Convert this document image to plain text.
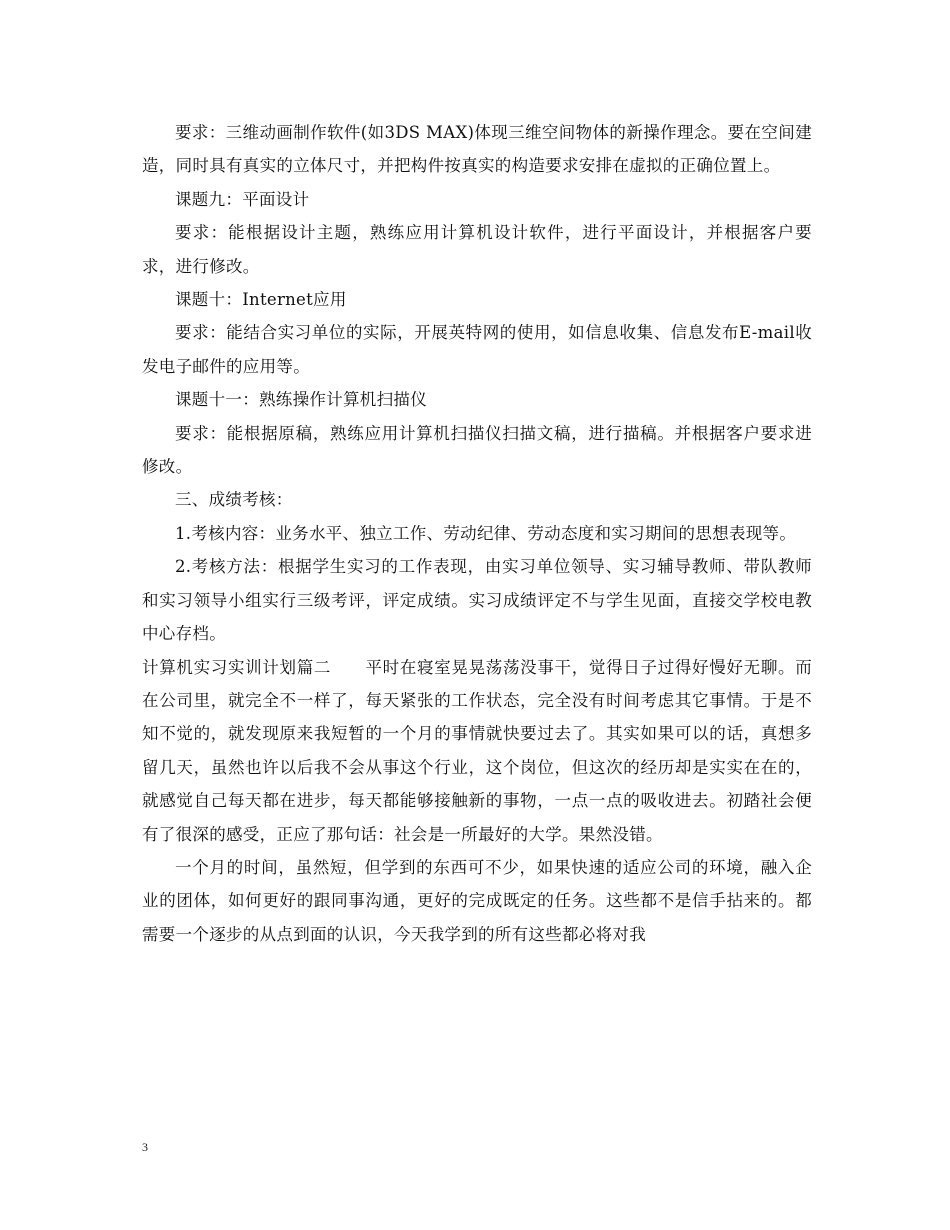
要求：三维动画制作软件(如3DS MAX)体现三维空间物体的新操作理念。要在空间建造，同时具有真实的立体尺寸，并把构件按真实的构造要求安排在虚拟的正确位置上。

课题九：平面设计

要求：能根据设计主题，熟练应用计算机设计软件，进行平面设计，并根据客户要求，进行修改。

课题十：Internet应用

要求：能结合实习单位的实际，开展英特网的使用，如信息收集、信息发布E-mail收发电子邮件的应用等。

课题十一：熟练操作计算机扫描仪

要求：能根据原稿，熟练应用计算机扫描仪扫描文稿，进行描稿。并根据客户要求进修改。

三、成绩考核：

1.考核内容：业务水平、独立工作、劳动纪律、劳动态度和实习期间的思想表现等。

2.考核方法：根据学生实习的工作表现，由实习单位领导、实习辅导教师、带队教师和实习领导小组实行三级考评，评定成绩。实习成绩评定不与学生见面，直接交学校电教中心存档。

计算机实习实训计划篇二　　平时在寝室晃晃荡荡没事干，觉得日子过得好慢好无聊。而在公司里，就完全不一样了，每天紧张的工作状态，完全没有时间考虑其它事情。于是不知不觉的，就发现原来我短暂的一个月的事情就快要过去了。其实如果可以的话，真想多留几天，虽然也许以后我不会从事这个行业，这个岗位，但这次的经历却是实实在在的，就感觉自己每天都在进步，每天都能够接触新的事物，一点一点的吸收进去。初踏社会便有了很深的感受，正应了那句话：社会是一所最好的大学。果然没错。

一个月的时间，虽然短，但学到的东西可不少，如果快速的适应公司的环境，融入企业的团体，如何更好的跟同事沟通，更好的完成既定的任务。这些都不是信手拈来的。都需要一个逐步的从点到面的认识，今天我学到的所有这些都必将对我

3
